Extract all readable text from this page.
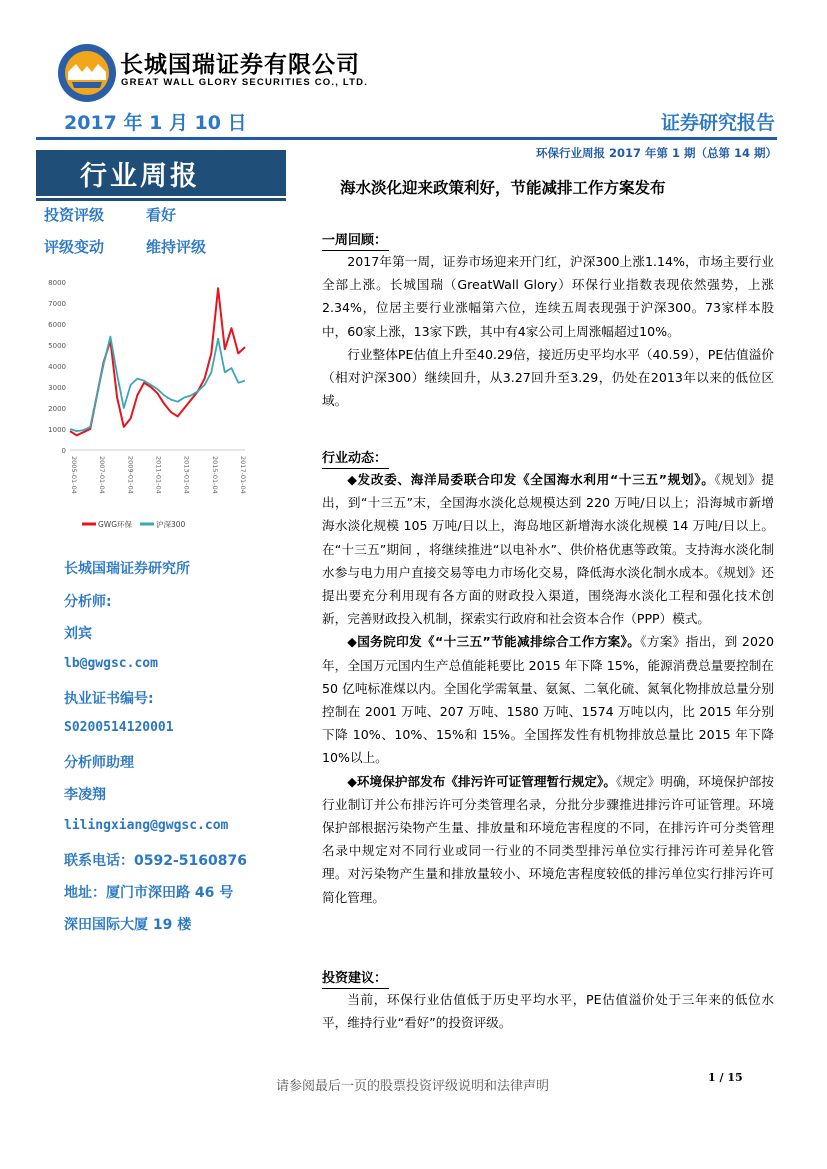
长城国瑞证券有限公司
GREAT WALL GLORY SECURITIES CO., LTD.
2017 年 1 月 10 日	证券研究报告
环保行业周报 2017 年第 1 期（总第 14 期）
行业周报	海水淡化迎来政策利好，节能减排工作方案发布
投资评级	看好
评级变动	维持评级
0
1000
2000
3000
4000
5000
6000
7000
8000
2005-01-04	2007-01-04	2009-01-04	2011-01-04	2013-01-04	2015-01-04	2017-01-04
GWG环保	沪深300
长城国瑞证券研究所
分析师:
刘宾
lb@gwgsc.com
执业证书编号:
S0200514120001
分析师助理
李凌翔
lilingxiang@gwgsc.com
联系电话：0592-5160876
地址：厦门市深田路 46 号
深田国际大厦 19 楼
一周回顾：

2017年第一周，证券市场迎来开门红，沪深300上涨1.14%，市场主要行业全部上涨。长城国瑞（GreatWall Glory）环保行业指数表现依然强势，上涨2.34%，位居主要行业涨幅第六位，连续五周表现强于沪深300。73家样本股中，60家上涨，13家下跌，其中有4家公司上周涨幅超过10%。

行业整体PE估值上升至40.29倍，接近历史平均水平（40.59），PE估值溢价（相对沪深300）继续回升，从3.27回升至3.29，仍处在2013年以来的低位区域。

行业动态：

◆发改委、海洋局委联合印发《全国海水利用“十三五”规划》。《规划》提出，到“十三五”末，全国海水淡化总规模达到 220 万吨/日以上；沿海城市新增海水淡化规模 105 万吨/日以上，海岛地区新增海水淡化规模 14 万吨/日以上。在“十三五”期间 ，将继续推进“以电补水”、供价格优惠等政策。支持海水淡化制水参与电力用户直接交易等电力市场化交易，降低海水淡化制水成本。《规划》还提出要充分利用现有各方面的财政投入渠道，围绕海水淡化工程和强化技术创新，完善财政投入机制，探索实行政府和社会资本合作（PPP）模式。

◆国务院印发《“十三五”节能减排综合工作方案》。《方案》指出，到 2020 年，全国万元国内生产总值能耗要比 2015 年下降 15%，能源消费总量要控制在 50 亿吨标准煤以内。全国化学需氧量、氨氮、二氧化硫、氮氧化物排放总量分别控制在 2001 万吨、207 万吨、1580 万吨、1574 万吨以内，比 2015 年分别下降 10%、10%、15%和 15%。全国挥发性有机物排放总量比 2015 年下降 10%以上。

◆环境保护部发布《排污许可证管理暂行规定》。《规定》明确，环境保护部按行业制订并公布排污许可分类管理名录，分批分步骤推进排污许可证管理。环境保护部根据污染物产生量、排放量和环境危害程度的不同，在排污许可分类管理名录中规定对不同行业或同一行业的不同类型排污单位实行排污许可差异化管理。对污染物产生量和排放量较小、环境危害程度较低的排污单位实行排污许可简化管理。

投资建议：

当前，环保行业估值低于历史平均水平，PE估值溢价处于三年来的低位水平，维持行业“看好”的投资评级。

请参阅最后一页的股票投资评级说明和法律声明
1 / 15
